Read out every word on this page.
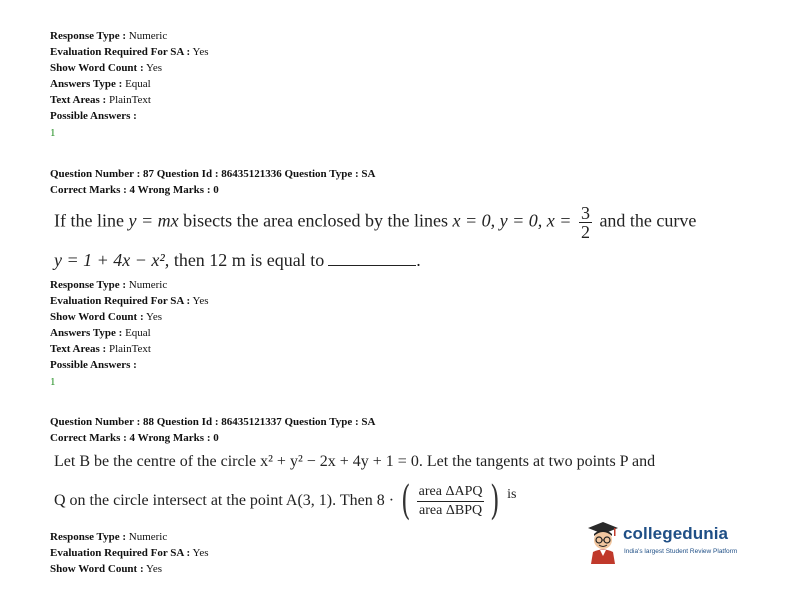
Response Type : Numeric
Evaluation Required For SA : Yes
Show Word Count : Yes
Answers Type : Equal
Text Areas : PlainText
Possible Answers :
1
Question Number : 87 Question Id : 86435121336 Question Type : SA
Correct Marks : 4 Wrong Marks : 0
If the line y = mx bisects the area enclosed by the lines x = 0, y = 0, $x = \frac{3}{2}$ and the curve
y = 1 + 4x − x², then 12 m is equal to	.
Response Type : Numeric
Evaluation Required For SA : Yes
Show Word Count : Yes
Answers Type : Equal
Text Areas : PlainText
Possible Answers :
1
Question Number : 88 Question Id : 86435121337 Question Type : SA
Correct Marks : 4 Wrong Marks : 0
Let B be the centre of the circle x² + y² − 2x + 4y + 1 = 0. Let the tangents at two points P and
Q on the circle intersect at the point A(3, 1). Then 8 · ( $\frac{\text{area ΔAPQ}}{\text{area ΔBPQ}}$ ) is
Response Type : Numeric
Evaluation Required For SA : Yes
Show Word Count : Yes
collegedunia
India's largest Student Review Platform
